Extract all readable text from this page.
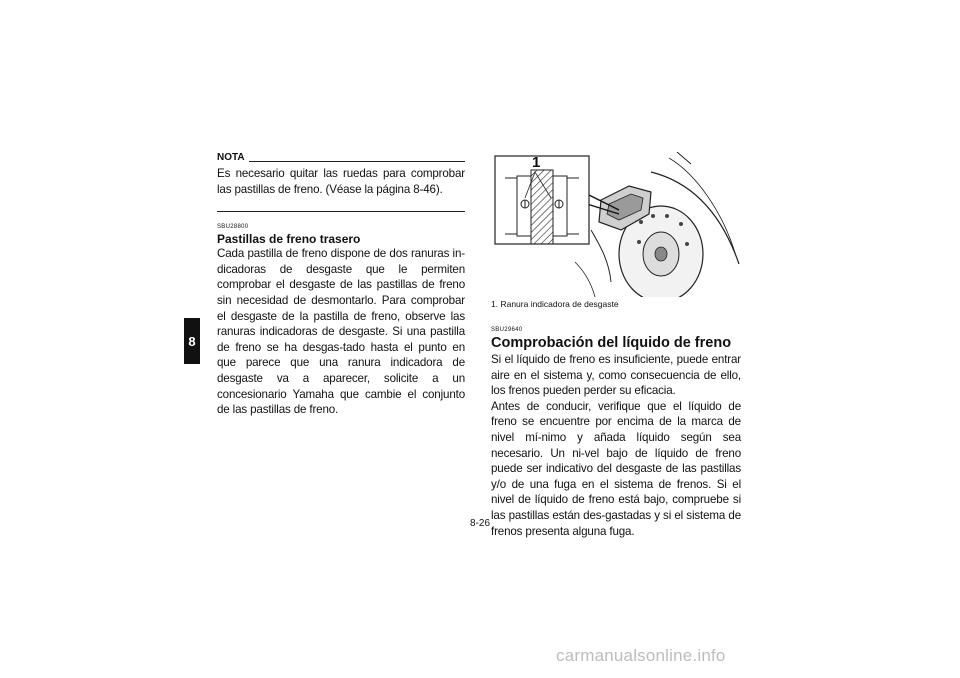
8
NOTA

Es necesario quitar las ruedas para comprobar las pastillas de freno. (Véase la página 8-46).

SBU28800
Pastillas de freno trasero

Cada pastilla de freno dispone de dos ranuras in-dicadoras de desgaste que le permiten comprobar el desgaste de las pastillas de freno sin necesidad de desmontarlo. Para comprobar el desgaste de la pastilla de freno, observe las ranuras indicadoras de desgaste. Si una pastilla de freno se ha desgas-tado hasta el punto en que parece que una ranura indicadora de desgaste va a aparecer, solicite a un concesionario Yamaha que cambie el conjunto de las pastillas de freno.

1
1. Ranura indicadora de desgaste
SBU29640
Comprobación del líquido de freno

Si el líquido de freno es insuficiente, puede entrar aire en el sistema y, como consecuencia de ello, los frenos pueden perder su eficacia.

Antes de conducir, verifique que el líquido de freno se encuentre por encima de la marca de nivel mí-nimo y añada líquido según sea necesario. Un ni-vel bajo de líquido de freno puede ser indicativo del desgaste de las pastillas y/o de una fuga en el sistema de frenos. Si el nivel de líquido de freno está bajo, compruebe si las pastillas están des-gastadas y si el sistema de frenos presenta alguna fuga.

8-26
carmanualsonline.info
